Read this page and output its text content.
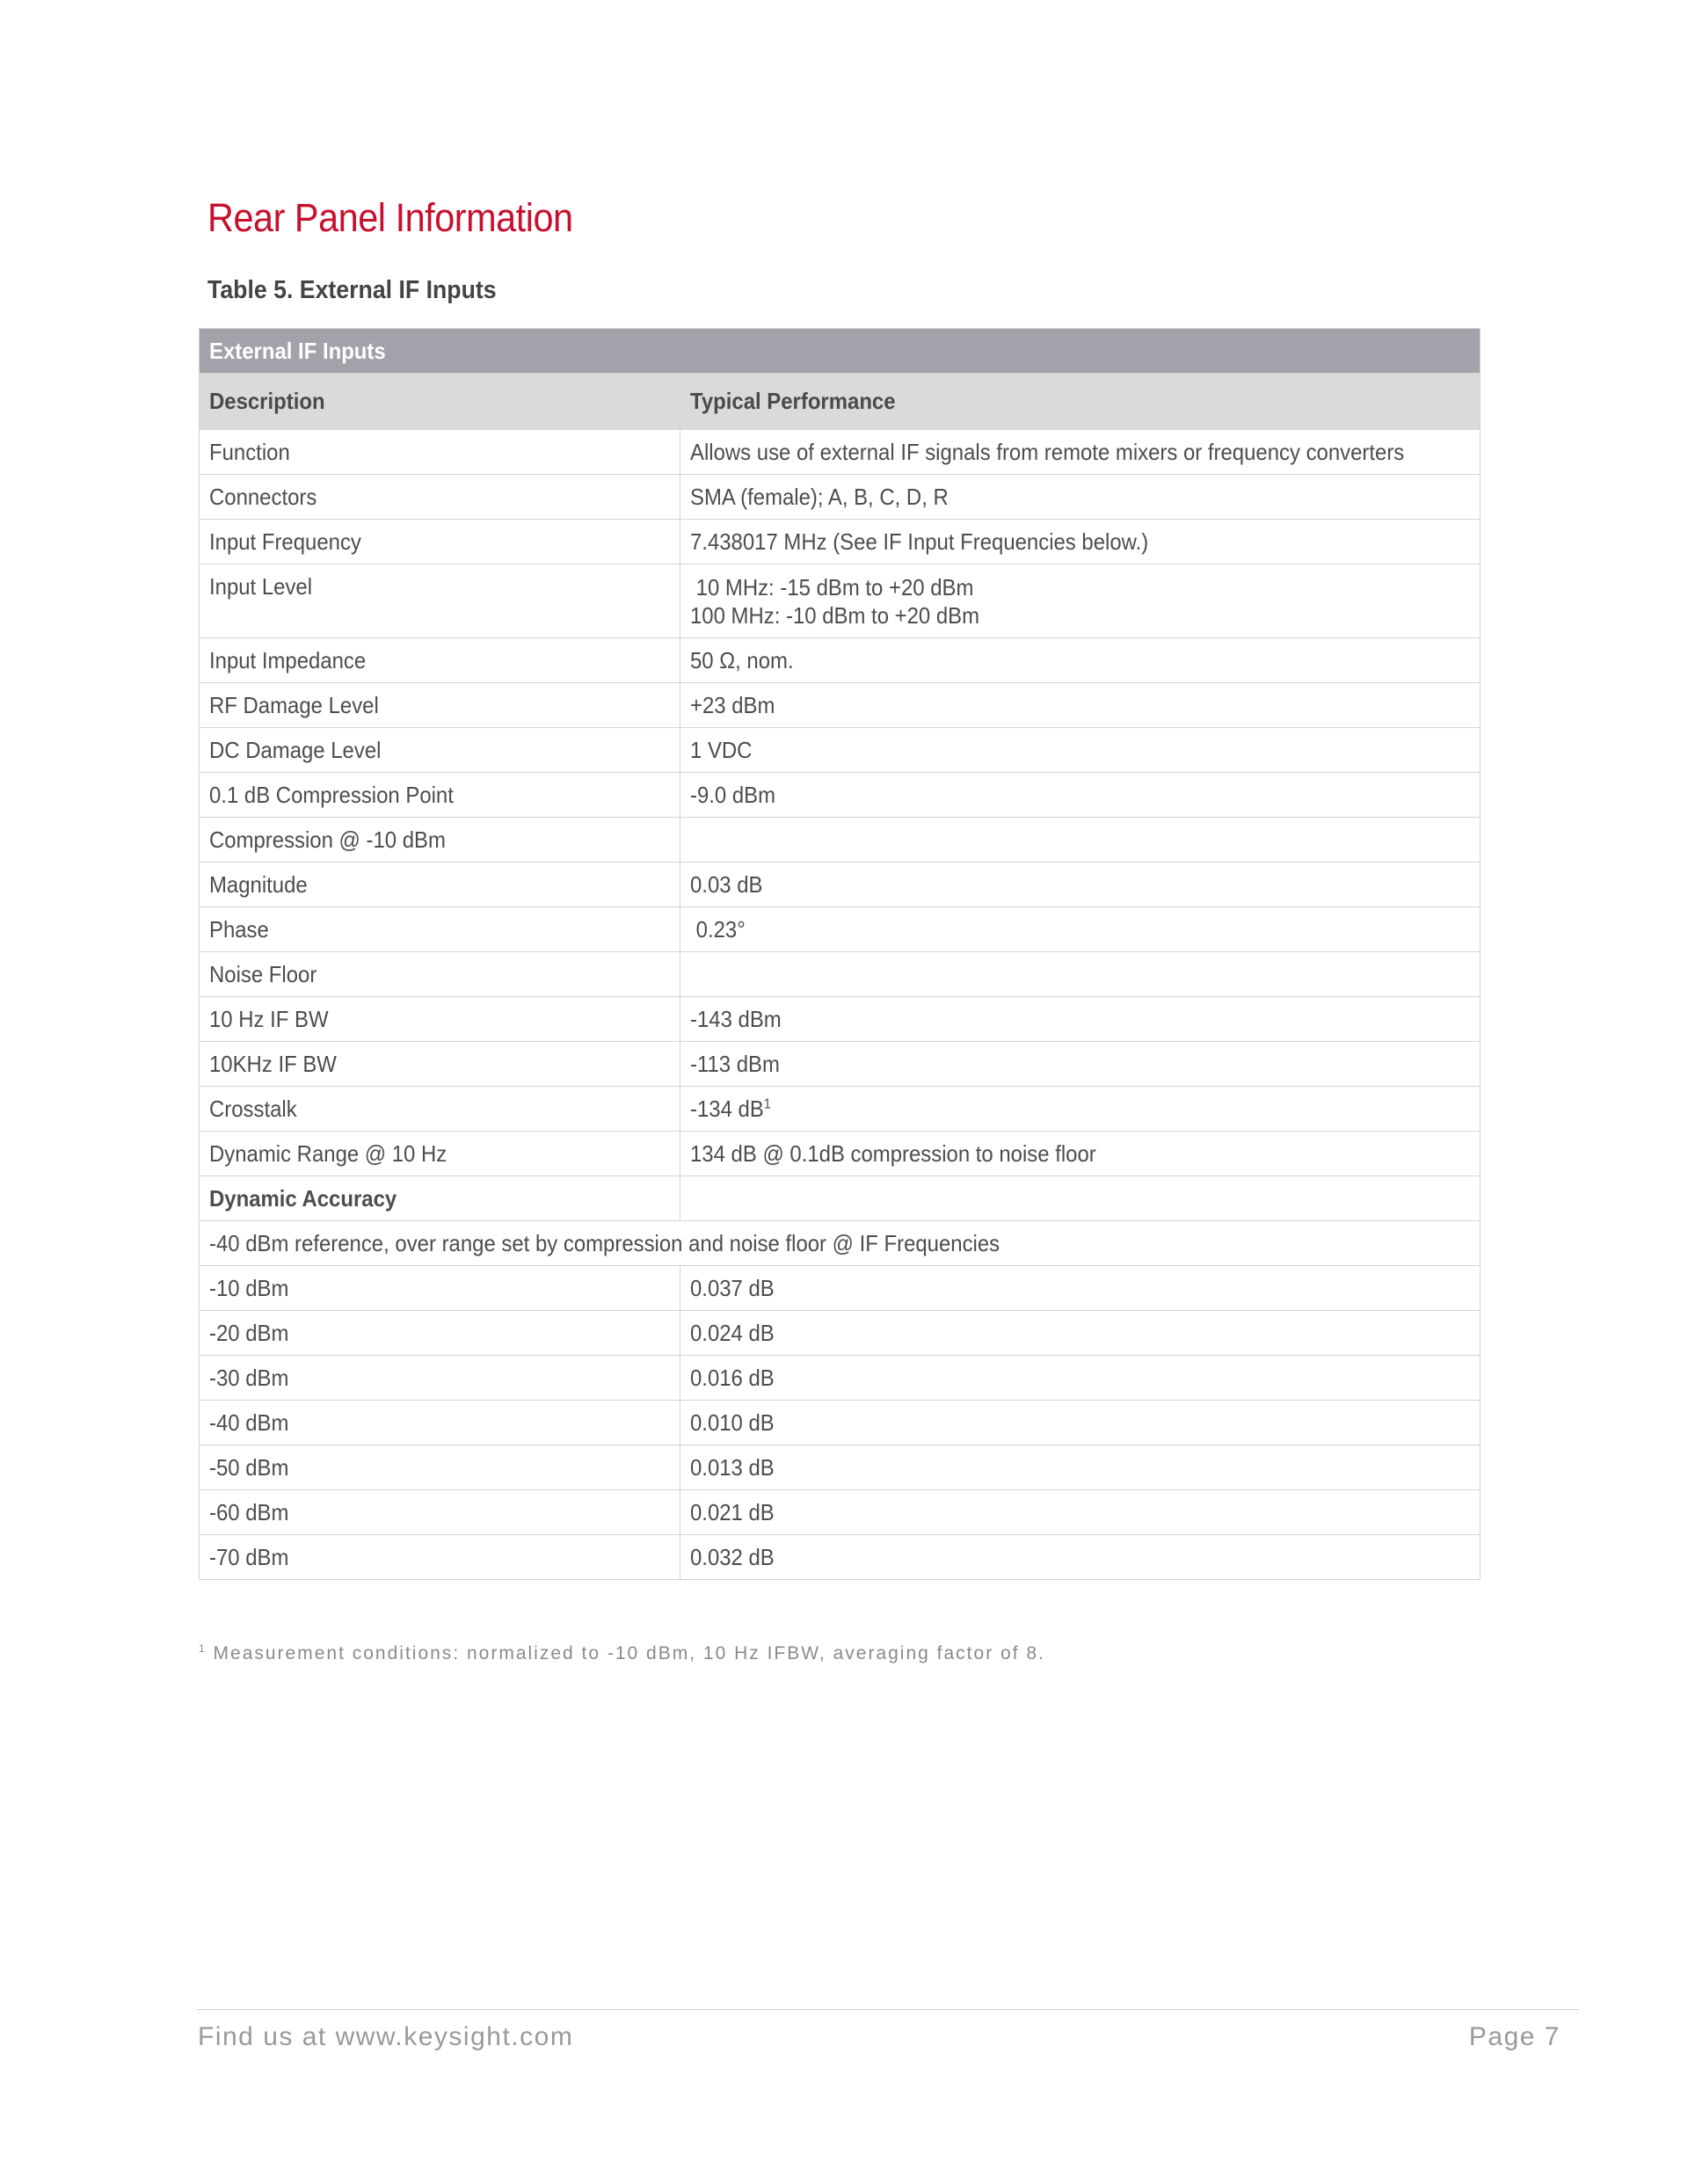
Rear Panel Information
Table 5. External IF Inputs
External IF Inputs	
Description	Typical Performance
Function	Allows use of external IF signals from remote mixers or frequency converters
Connectors	SMA (female); A, B, C, D, R
Input Frequency	7.438017 MHz (See IF Input Frequencies below.)
Input Level	10 MHz: -15 dBm to +20 dBm
100 MHz: -10 dBm to +20 dBm

Input Impedance	50 Ω, nom.
RF Damage Level	+23 dBm
DC Damage Level	1 VDC
0.1 dB Compression Point	-9.0 dBm
Compression @ -10 dBm	
Magnitude	0.03 dB
Phase	0.23°
Noise Floor	
10 Hz IF BW	-143 dBm
10KHz IF BW	-113 dBm
Crosstalk	-134 $dB^1$
Dynamic Range @ 10 Hz	134 dB @ 0.1dB compression to noise floor
Dynamic Accuracy	
-40 dBm reference, over range set by compression and noise floor @ IF Frequencies	
-10 dBm	0.037 dB
-20 dBm	0.024 dB
-30 dBm	0.016 dB
-40 dBm	0.010 dB
-50 dBm	0.013 dB
-60 dBm	0.021 dB
-70 dBm	0.032 dB
$^1$ Measurement conditions: normalized to -10 dBm, 10 Hz IFBW, averaging factor of 8.
Find us at www.keysight.com	Page 7
